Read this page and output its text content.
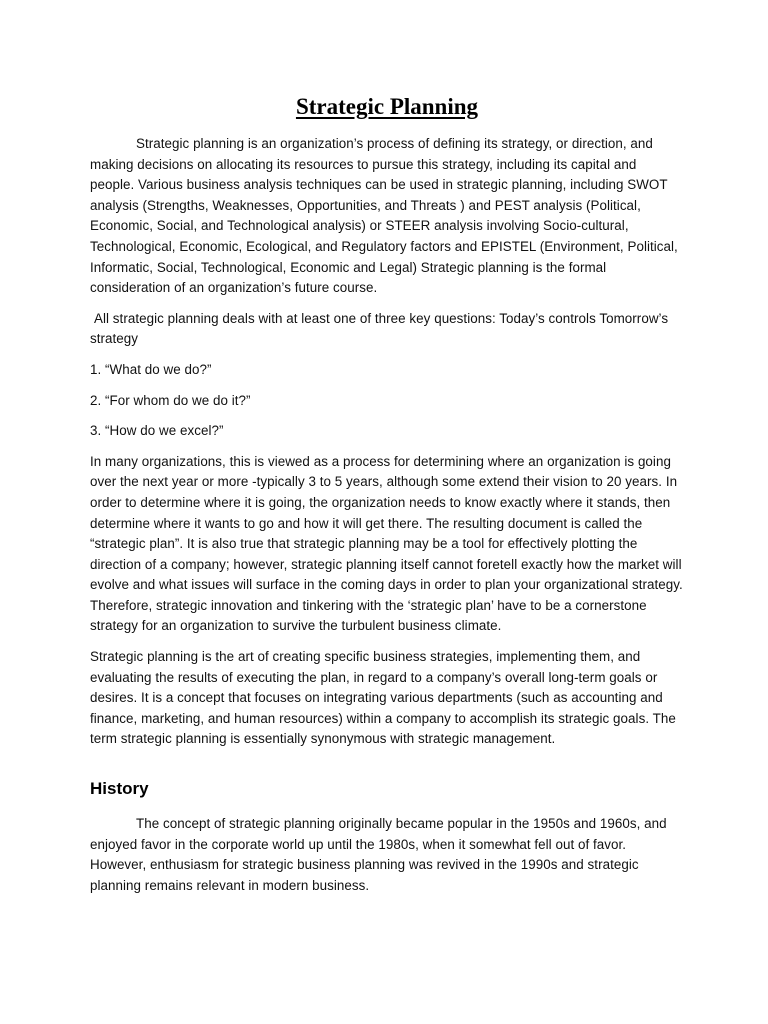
Strategic Planning

Strategic planning is an organization’s process of defining its strategy, or direction, and making decisions on allocating its resources to pursue this strategy, including its capital and people. Various business analysis techniques can be used in strategic planning, including SWOT analysis (Strengths, Weaknesses, Opportunities, and Threats ) and PEST analysis (Political, Economic, Social, and Technological analysis) or STEER analysis involving Socio-cultural, Technological, Economic, Ecological, and Regulatory factors and EPISTEL (Environment, Political, Informatic, Social, Technological, Economic and Legal) Strategic planning is the formal consideration of an organization’s future course.

All strategic planning deals with at least one of three key questions: Today’s controls Tomorrow’s strategy

1. “What do we do?”

2. “For whom do we do it?”

3. “How do we excel?”

In many organizations, this is viewed as a process for determining where an organization is going over the next year or more -typically 3 to 5 years, although some extend their vision to 20 years. In order to determine where it is going, the organization needs to know exactly where it stands, then determine where it wants to go and how it will get there. The resulting document is called the “strategic plan”. It is also true that strategic planning may be a tool for effectively plotting the direction of a company; however, strategic planning itself cannot foretell exactly how the market will evolve and what issues will surface in the coming days in order to plan your organizational strategy. Therefore, strategic innovation and tinkering with the ‘strategic plan’ have to be a cornerstone strategy for an organization to survive the turbulent business climate.

Strategic planning is the art of creating specific business strategies, implementing them, and evaluating the results of executing the plan, in regard to a company’s overall long-term goals or desires. It is a concept that focuses on integrating various departments (such as accounting and finance, marketing, and human resources) within a company to accomplish its strategic goals. The term strategic planning is essentially synonymous with strategic management.

History

The concept of strategic planning originally became popular in the 1950s and 1960s, and enjoyed favor in the corporate world up until the 1980s, when it somewhat fell out of favor. However, enthusiasm for strategic business planning was revived in the 1990s and strategic planning remains relevant in modern business.
